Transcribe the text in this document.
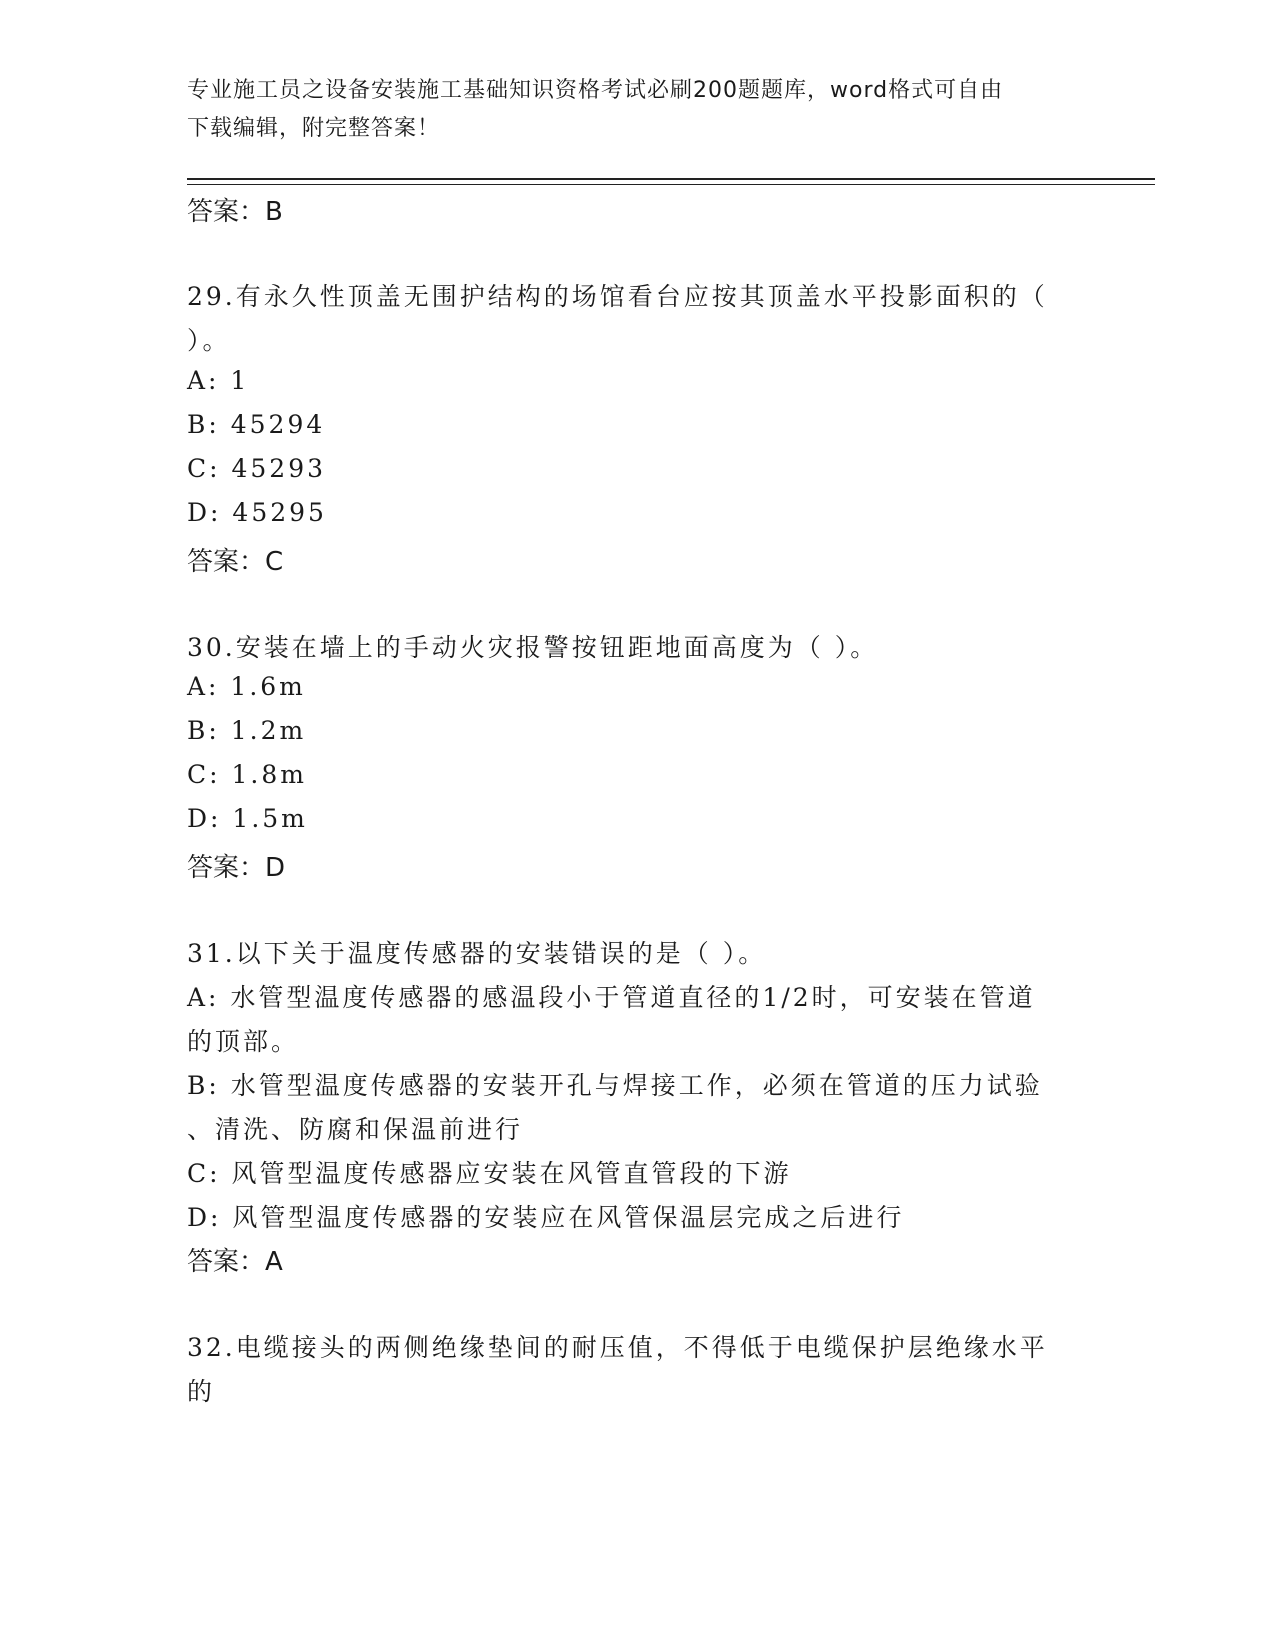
专业施工员之设备安装施工基础知识资格考试必刷200题题库，word格式可自由
下载编辑，附完整答案！
答案：B
29.有永久性顶盖无围护结构的场馆看台应按其顶盖水平投影面积的（
）。
A: 1
B: 45294
C: 45293
D: 45295
答案：C
30.安装在墙上的手动火灾报警按钮距地面高度为（ ）。
A: 1.6m
B: 1.2m
C: 1.8m
D: 1.5m
答案：D
31.以下关于温度传感器的安装错误的是（ ）。
A: 水管型温度传感器的感温段小于管道直径的1/2时，可安装在管道
的顶部。
B: 水管型温度传感器的安装开孔与焊接工作，必须在管道的压力试验
、清洗、防腐和保温前进行
C: 风管型温度传感器应安装在风管直管段的下游
D: 风管型温度传感器的安装应在风管保温层完成之后进行
答案：A
32.电缆接头的两侧绝缘垫间的耐压值，不得低于电缆保护层绝缘水平
的
